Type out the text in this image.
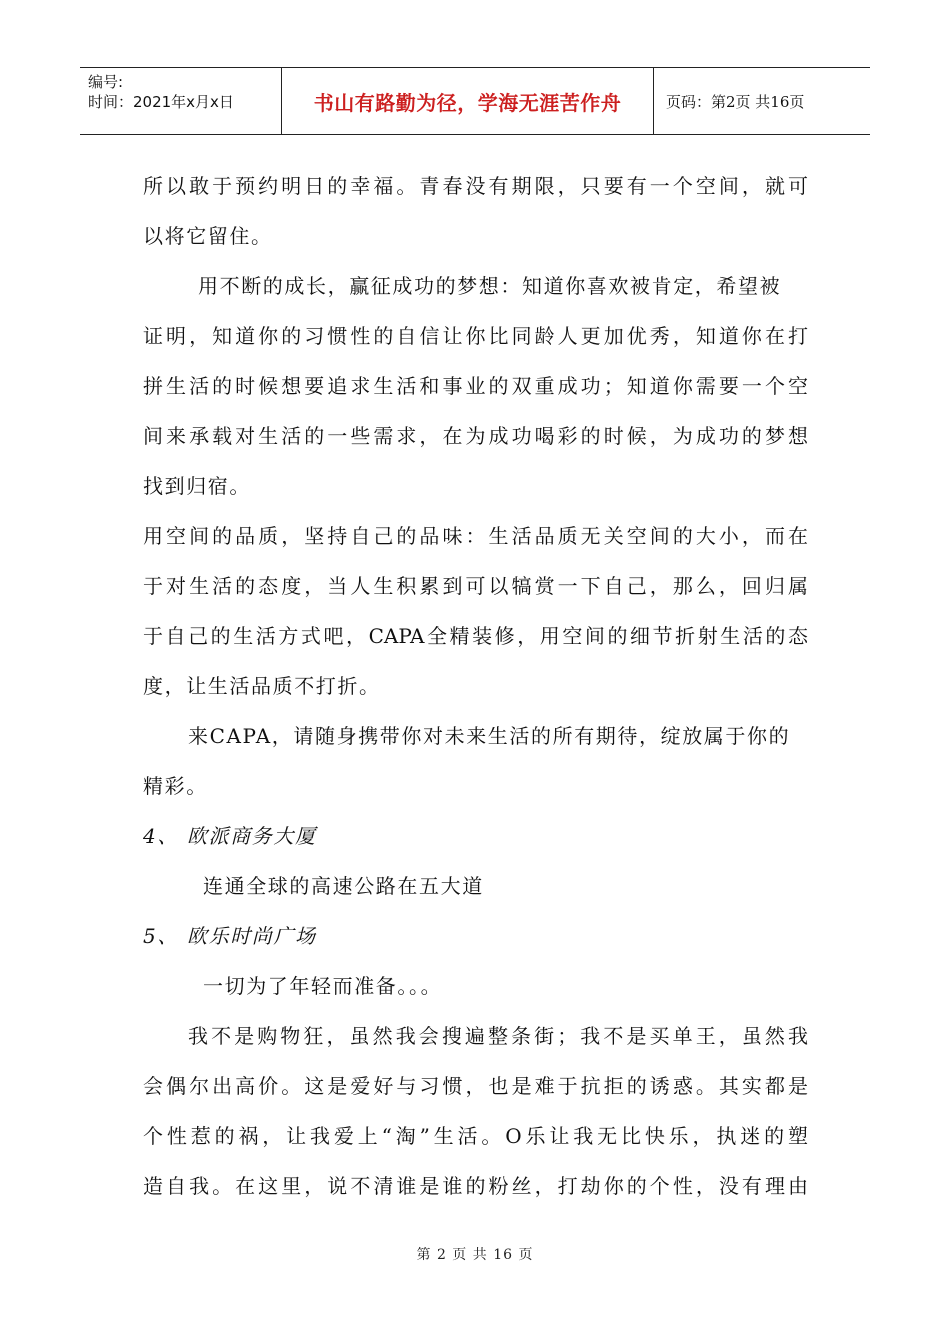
编号:
时间：2021年x月x日	书山有路勤为径，学海无涯苦作舟	页码：第2页 共16页
所以敢于预约明日的幸福。青春没有期限，只要有一个空间，就可
以将它留住。
用不断的成长，赢征成功的梦想：知道你喜欢被肯定，希望被
证明，知道你的习惯性的自信让你比同龄人更加优秀，知道你在打
拼生活的时候想要追求生活和事业的双重成功；知道你需要一个空
间来承载对生活的一些需求，在为成功喝彩的时候，为成功的梦想
找到归宿。
用空间的品质，坚持自己的品味：生活品质无关空间的大小，而在
于对生活的态度，当人生积累到可以犒赏一下自己，那么，回归属
于自己的生活方式吧，CAPA全精装修，用空间的细节折射生活的态
度，让生活品质不打折。
来CAPA，请随身携带你对未来生活的所有期待，绽放属于你的
精彩。
4、 欧派商务大厦
连通全球的高速公路在五大道
5、 欧乐时尚广场
一切为了年轻而准备。。。
我不是购物狂，虽然我会搜遍整条街；我不是买单王，虽然我
会偶尔出高价。这是爱好与习惯，也是难于抗拒的诱惑。其实都是
个性惹的祸，让我爱上“淘”生活。O乐让我无比快乐，执迷的塑
造自我。在这里，说不清谁是谁的粉丝，打劫你的个性，没有理由
第 2 页 共 16 页
